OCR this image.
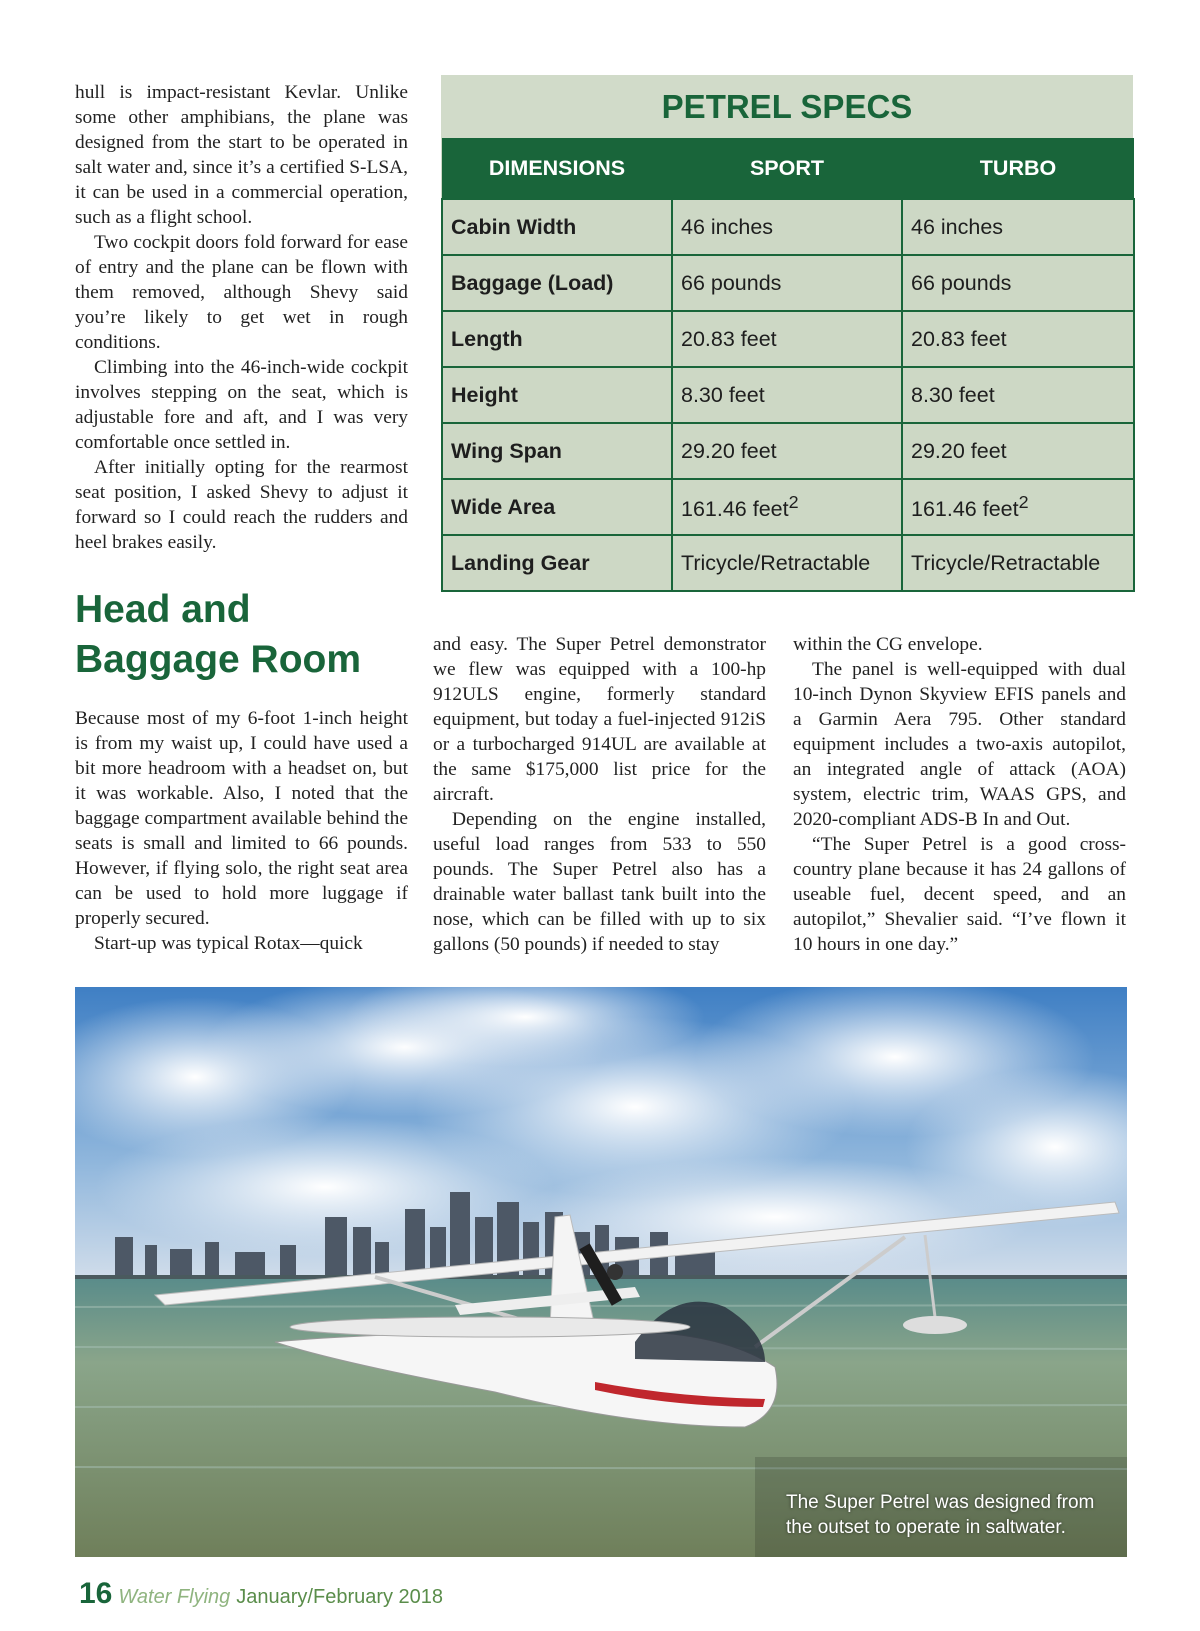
hull is impact-resistant Kevlar. Unlike some other amphibians, the plane was designed from the start to be operated in salt water and, since it’s a certified S-LSA, it can be used in a commercial operation, such as a flight school.

Two cockpit doors fold forward for ease of entry and the plane can be flown with them removed, although Shevy said you’re likely to get wet in rough conditions.

Climbing into the 46-inch-wide cockpit involves stepping on the seat, which is adjustable fore and aft, and I was very comfortable once settled in.

After initially opting for the rearmost seat position, I asked Shevy to adjust it forward so I could reach the rudders and heel brakes easily.

PETREL SPECS
DIMENSIONS	SPORT	TURBO
Cabin Width	46 inches	46 inches
Baggage (Load)	66 pounds	66 pounds
Length	20.83 feet	20.83 feet
Height	8.30 feet	8.30 feet
Wing Span	29.20 feet	29.20 feet
Wide Area	161.46 feet$^2$	161.46 feet$^2$
Landing Gear	Tricycle/Retractable	Tricycle/Retractable
Head and
Baggage Room

Because most of my 6-foot 1-inch height is from my waist up, I could have used a bit more headroom with a headset on, but it was workable. Also, I noted that the baggage compartment available behind the seats is small and limited to 66 pounds. However, if flying solo, the right seat area can be used to hold more luggage if properly secured.

Start-up was typical Rotax—quick

and easy. The Super Petrel demonstrator we flew was equipped with a 100-hp 912ULS engine, formerly standard equipment, but today a fuel-injected 912iS or a turbocharged 914UL are available at the same $175,000 list price for the aircraft.

Depending on the engine installed, useful load ranges from 533 to 550 pounds. The Super Petrel also has a drainable water ballast tank built into the nose, which can be filled with up to six gallons (50 pounds) if needed to stay

within the CG envelope.

The panel is well-equipped with dual 10-inch Dynon Skyview EFIS panels and a Garmin Aera 795. Other standard equipment includes a two-axis autopilot, an integrated angle of attack (AOA) system, electric trim, WAAS GPS, and 2020-compliant ADS-B In and Out.

“The Super Petrel is a good cross-country plane because it has 24 gallons of useable fuel, decent speed, and an autopilot,” Shevalier said. “I’ve flown it 10 hours in one day.”

The Super Petrel was designed from
the outset to operate in saltwater.
16 Water Flying January/February 2018
